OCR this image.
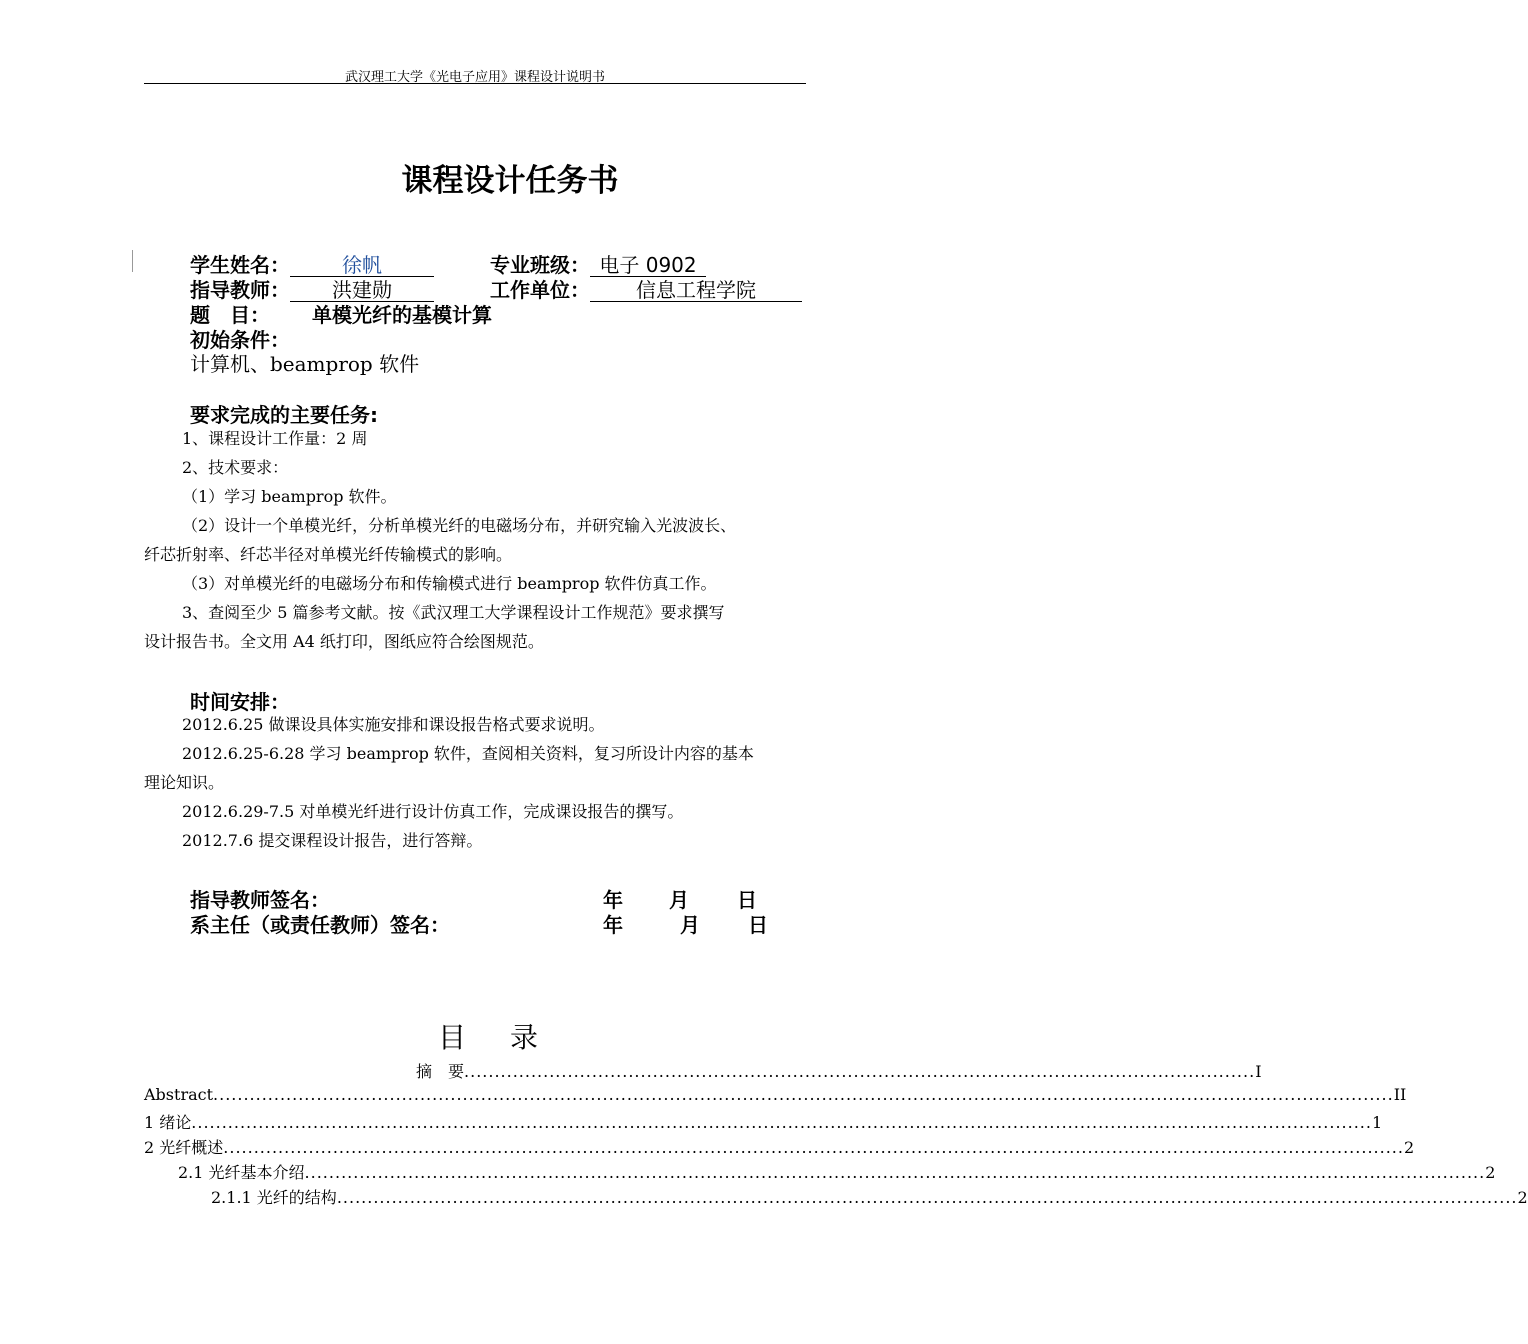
武汉理工大学《光电子应用》课程设计说明书
课程设计任务书
学生姓名：	徐帆	专业班级： 电子 0902
指导教师： 洪建勋	工作单位： 信息工程学院
题　目： 单模光纤的基模计算
初始条件：
计算机、beamprop 软件
要求完成的主要任务:
1、课程设计工作量：2 周
2、技术要求：
（1）学习 beamprop 软件。
（2）设计一个单模光纤，分析单模光纤的电磁场分布，并研究输入光波波长、
纤芯折射率、纤芯半径对单模光纤传输模式的影响。
（3）对单模光纤的电磁场分布和传输模式进行 beamprop 软件仿真工作。
3、查阅至少 5 篇参考文献。按《武汉理工大学课程设计工作规范》要求撰写
设计报告书。全文用 A4 纸打印，图纸应符合绘图规范。
时间安排：
2012.6.25 做课设具体实施安排和课设报告格式要求说明。
2012.6.25-6.28 学习 beamprop 软件，查阅相关资料，复习所设计内容的基本
理论知识。
2012.6.29-7.5 对单模光纤进行设计仿真工作，完成课设报告的撰写。
2012.7.6 提交课程设计报告，进行答辩。
指导教师签名：	年 月 日
系主任（或责任教师）签名：	年	月 日
目录
摘　要 .................................................................................................................................. I
Abstract .................................................................................................................................................................................................. II
1 绪论 .................................................................................................................................................................................................. 1
2 光纤概述 .................................................................................................................................................................................................. 2
2.1 光纤基本介绍 .................................................................................................................................................................................................. 2
2.1.1 光纤的结构 .................................................................................................................................................................................................. 2
